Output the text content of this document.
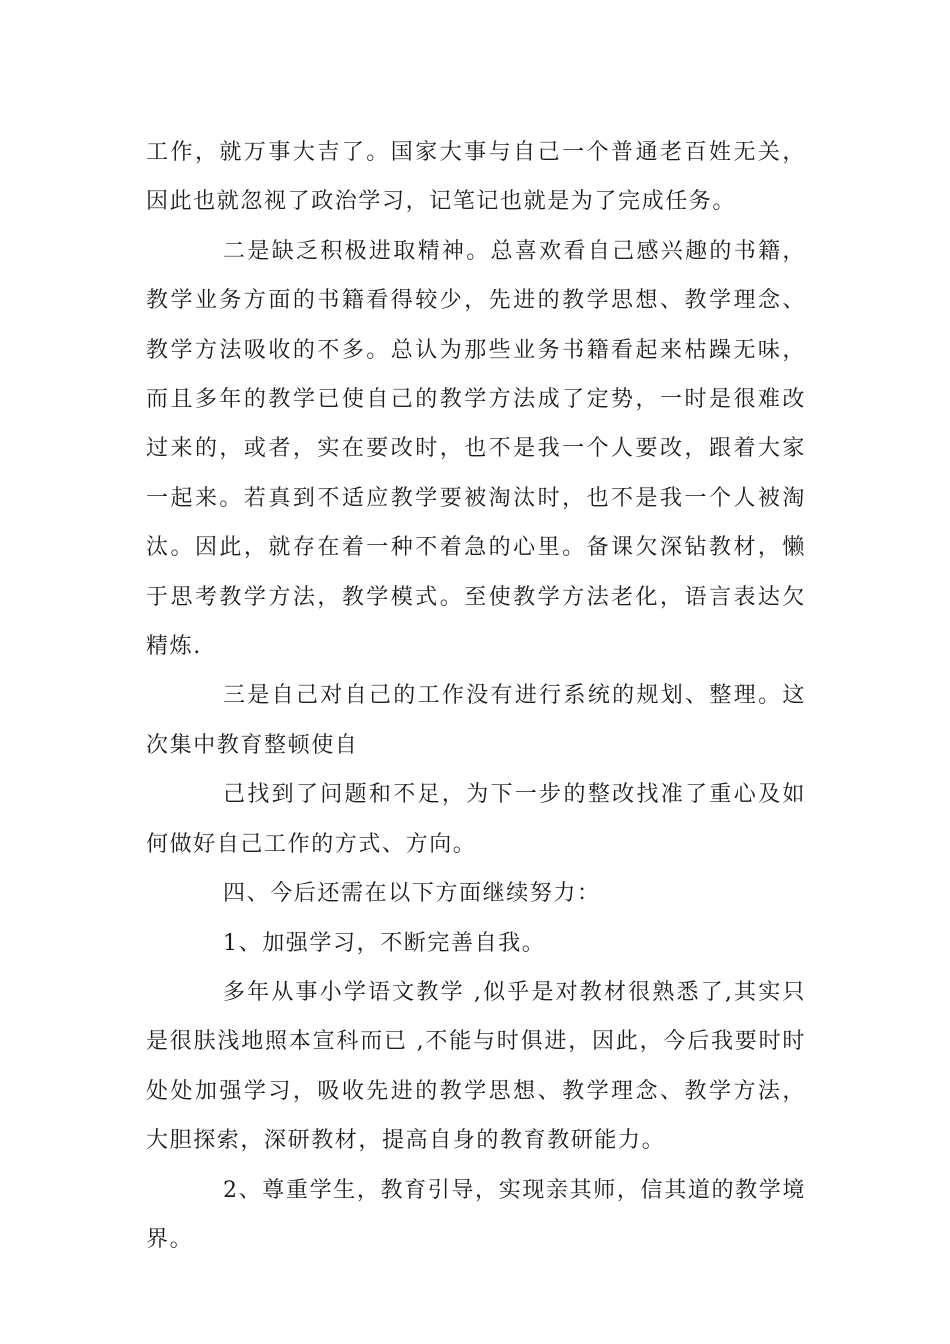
工作，就万事大吉了。国家大事与自己一个普通老百姓无关，因此也就忽视了政治学习，记笔记也就是为了完成任务。

二是缺乏积极进取精神。总喜欢看自己感兴趣的书籍，教学业务方面的书籍看得较少，先进的教学思想、教学理念、教学方法吸收的不多。总认为那些业务书籍看起来枯躁无味，而且多年的教学已使自己的教学方法成了定势，一时是很难改过来的，或者，实在要改时，也不是我一个人要改，跟着大家一起来。若真到不适应教学要被淘汰时，也不是我一个人被淘汰。因此，就存在着一种不着急的心里。备课欠深钻教材，懒于思考教学方法，教学模式。至使教学方法老化，语言表达欠精炼.

三是自己对自己的工作没有进行系统的规划、整理。这次集中教育整顿使自

己找到了问题和不足，为下一步的整改找准了重心及如何做好自己工作的方式、方向。

四、今后还需在以下方面继续努力：

1、加强学习，不断完善自我。

多年从事小学语文教学 ,似乎是对教材很熟悉了,其实只是很肤浅地照本宣科而已 ,不能与时俱进，因此，今后我要时时处处加强学习，吸收先进的教学思想、教学理念、教学方法，大胆探索，深研教材，提高自身的教育教研能力。

2、尊重学生，教育引导，实现亲其师，信其道的教学境界。
